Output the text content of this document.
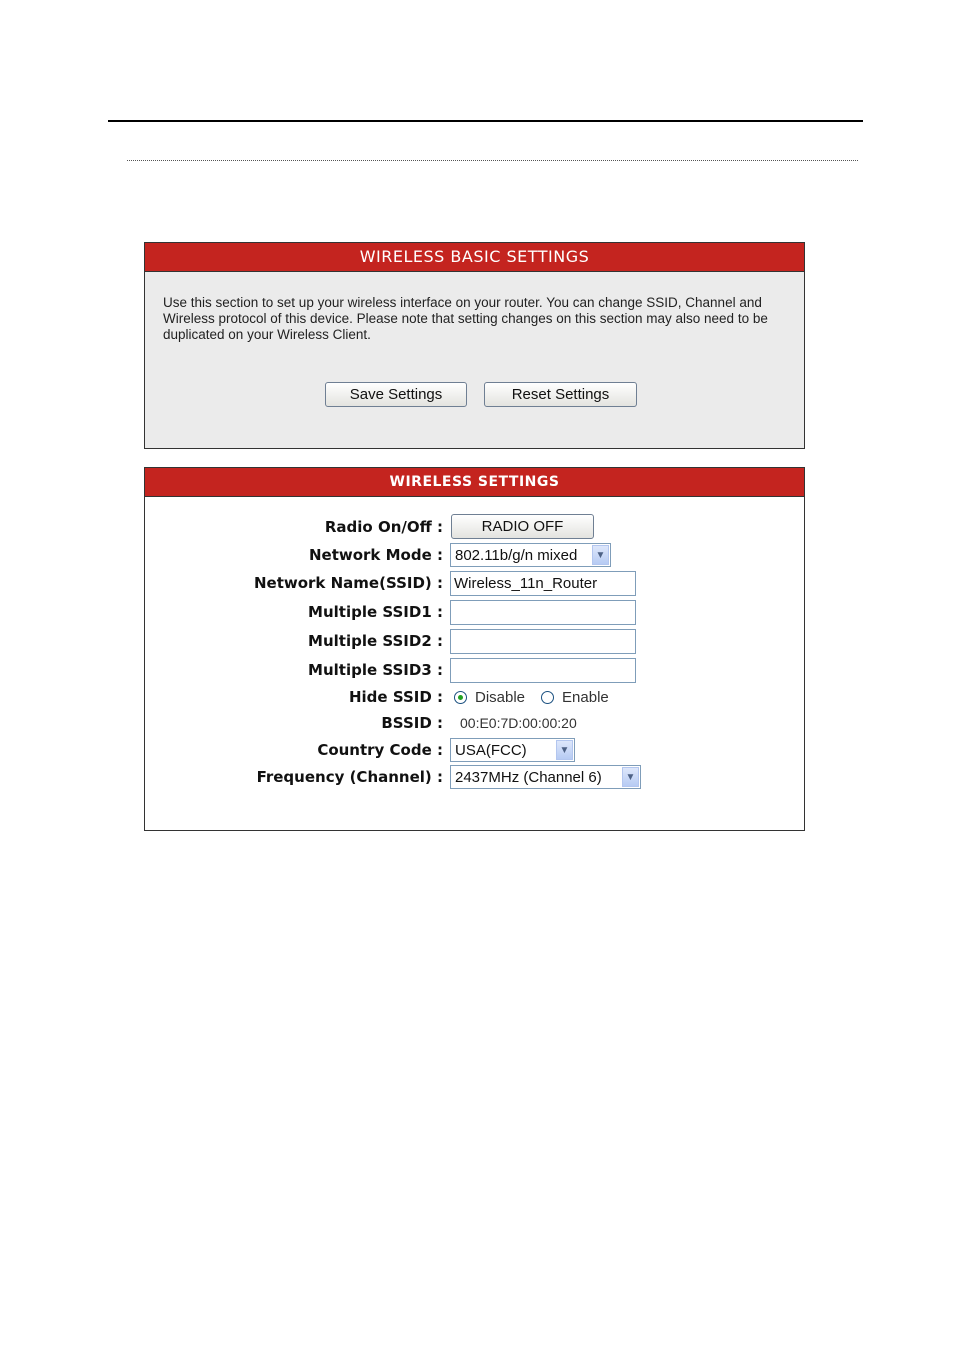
WIRELESS BASIC SETTINGS
Use this section to set up your wireless interface on your router. You can change SSID, Channel and Wireless protocol of this device. Please note that setting changes on this section may also need to be duplicated on your Wireless Client.
Save Settings	Reset Settings
WIRELESS SETTINGS
Radio On/Off :	RADIO OFF
Network Mode : 802.11b/g/n mixed	▼
Network Name(SSID) : Wireless_11n_Router
Multiple SSID1 :
Multiple SSID2 :
Multiple SSID3 :
Hide SSID : Disable Enable
BSSID :	00:E0:7D:00:00:20
Country Code : USA(FCC)	▼
Frequency (Channel) : 2437MHz (Channel 6)	▼
